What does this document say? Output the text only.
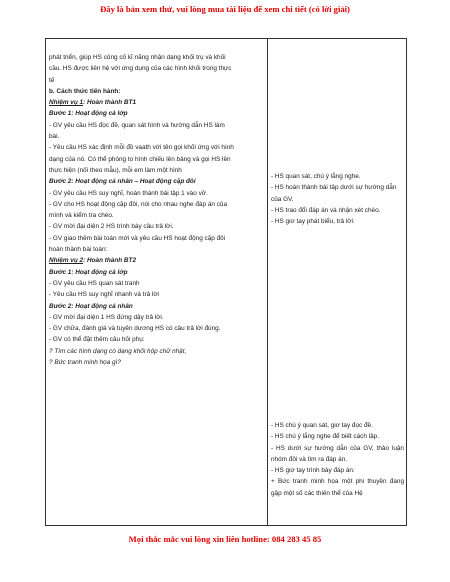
Đây là bản xem thử, vui lòng mua tài liệu để xem chi tiết (có lời giải)
phát triển, giúp HS củng cố kĩ năng nhận dạng khối trụ và khối
cầu. HS được liên hệ với ứng dụng của các hình khối trong thực
tế
b. Cách thức tiến hành:
Nhiệm vụ 1: Hoàn thành BT1
Bước 1: Hoạt động cả lớp
- GV yêu cầu HS đọc đề, quan sát hình và hướng dẫn HS làm
bài.
- Yêu cầu HS xác định mỗi đồ vaath với tên gọi khối ứng với hình
dạng của nó. Có thể phóng to hình chiếu lên bảng và gọi HS lên
thực hiện (nối theo mẫu), mỗi em làm một hình
Bước 2: Hoạt động cá nhân – Hoạt động cặp đôi
- GV yêu cầu HS suy nghĩ, hoàn thành bài tập 1 vào vở.
- GV cho HS hoạt động cặp đôi, nói cho nhau nghe đáp án của
mình và kiểm tra chéo.
- GV mời đại diện 2 HS trình bày câu trả lời.
- GV giao thêm bài toán mới và yêu cầu HS hoạt động cặp đôi
hoàn thành bài toán:
Nhiệm vụ 2: Hoàn thành BT2
Bước 1: Hoạt động cả lớp
- GV yêu cầu HS quan sát tranh
- Yêu cầu HS suy nghĩ nhanh và trả lời
Bước 2: Hoạt động cá nhân
- GV mời đại diện 1 HS đứng dậy trả lời.
- GV chữa, đánh giá và tuyên dương HS có câu trả lời đúng.
- GV có thể đặt thêm câu hỏi phụ:
? Tìm các hình dạng có dạng khối hộp chữ nhật,
? Bức tranh minh họa gì?
- HS quan sát, chú ý lắng nghe.
- HS hoàn thành bài tập dưới sự hướng dẫn của GV.
- HS trao đổi đáp án và nhận xét chéo.
- HS giơ tay phát biểu, trả lời:
- HS chú ý quan sát, giơ tay đọc đề.
- HS chú ý lắng nghe để biết cách lập.
- HS dưới sự hướng dẫn của GV, thảo luận nhóm đôi và tìm ra đáp án.
- HS giơ tay trình bày đáp án:
+ Bức tranh minh họa một phi thuyền đang gặp một số các thiên thể của Hệ
Mọi thắc mắc vui lòng xin liên hotline: 084 283 45 85
